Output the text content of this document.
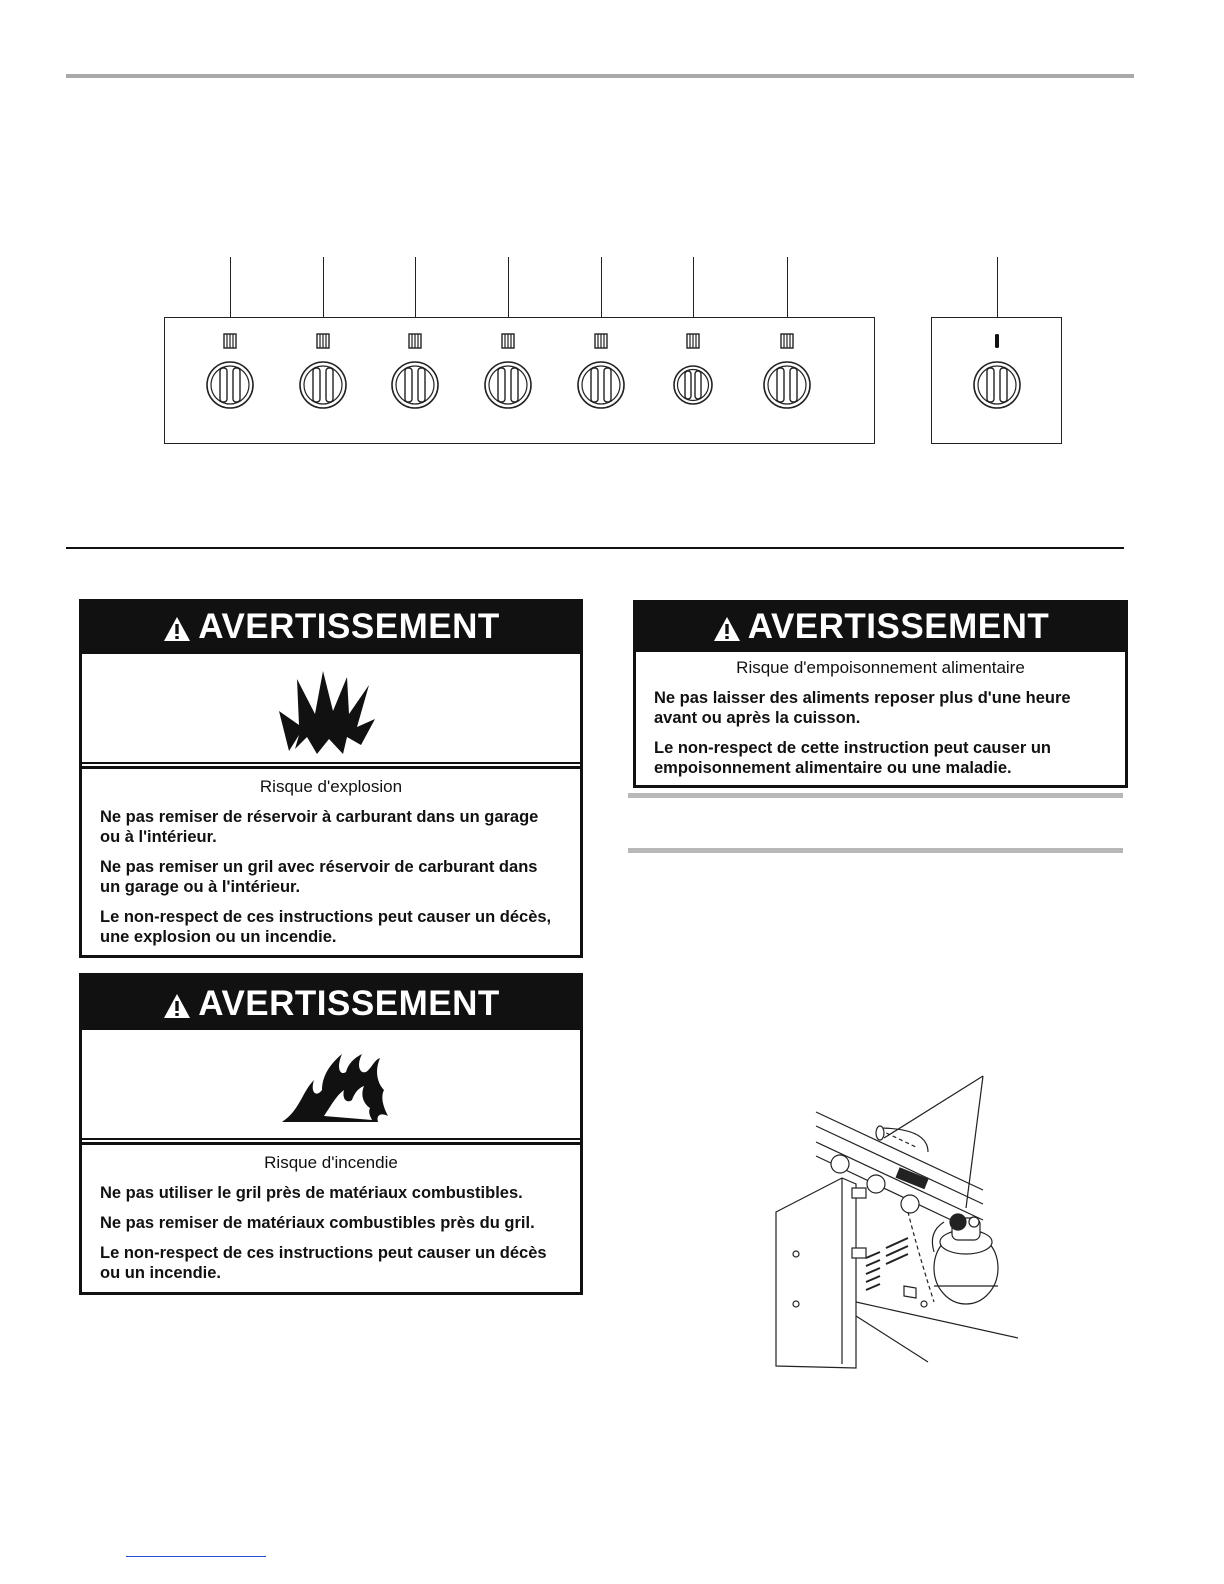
AVERTISSEMENT
Risque d'explosion

Ne pas remiser de réservoir à carburant dans un garage ou à l'intérieur.

Ne pas remiser un gril avec réservoir de carburant dans un garage ou à l'intérieur.

Le non-respect de ces instructions peut causer un décès, une explosion ou un incendie.

AVERTISSEMENT
Risque d'incendie

Ne pas utiliser le gril près de matériaux combustibles.

Ne pas remiser de matériaux combustibles près du gril.

Le non-respect de ces instructions peut causer un décès ou un incendie.

AVERTISSEMENT
Risque d'empoisonnement alimentaire

Ne pas laisser des aliments reposer plus d'une heure avant ou après la cuisson.

Le non-respect de cette instruction peut causer un empoisonnement alimentaire ou une maladie.
